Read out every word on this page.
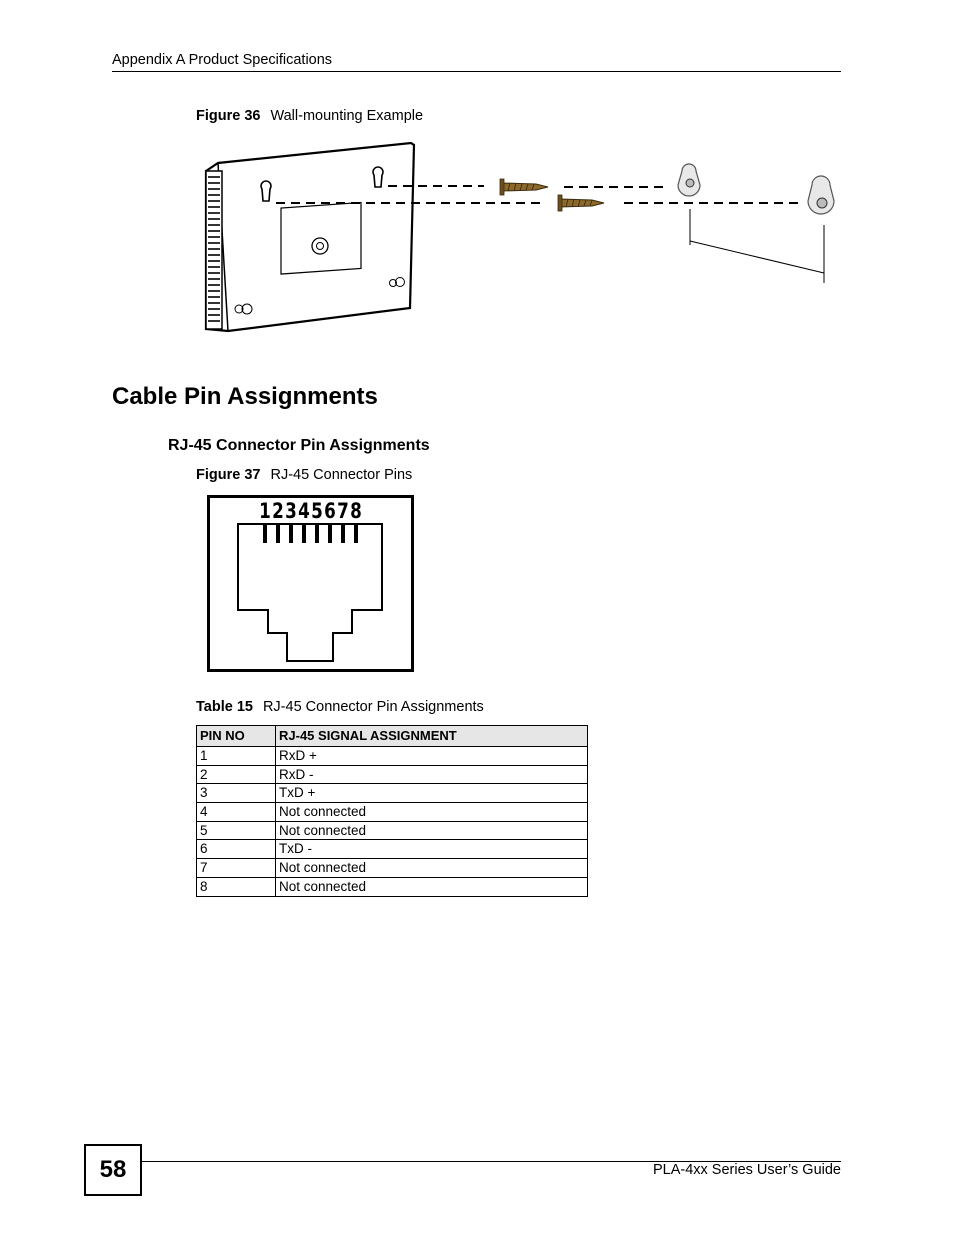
Appendix A Product Specifications
Figure 36 Wall-mounting Example
Cable Pin Assignments
RJ-45 Connector Pin Assignments
Figure 37 RJ-45 Connector Pins
1 2 3 4 5 6 7 8
Table 15 RJ-45 Connector Pin Assignments
PIN NO	RJ-45 SIGNAL ASSIGNMENT
1	RxD +
2	RxD -
3	TxD +
4	Not connected
5	Not connected
6	TxD -
7	Not connected
8	Not connected
58	PLA-4xx Series User’s Guide
